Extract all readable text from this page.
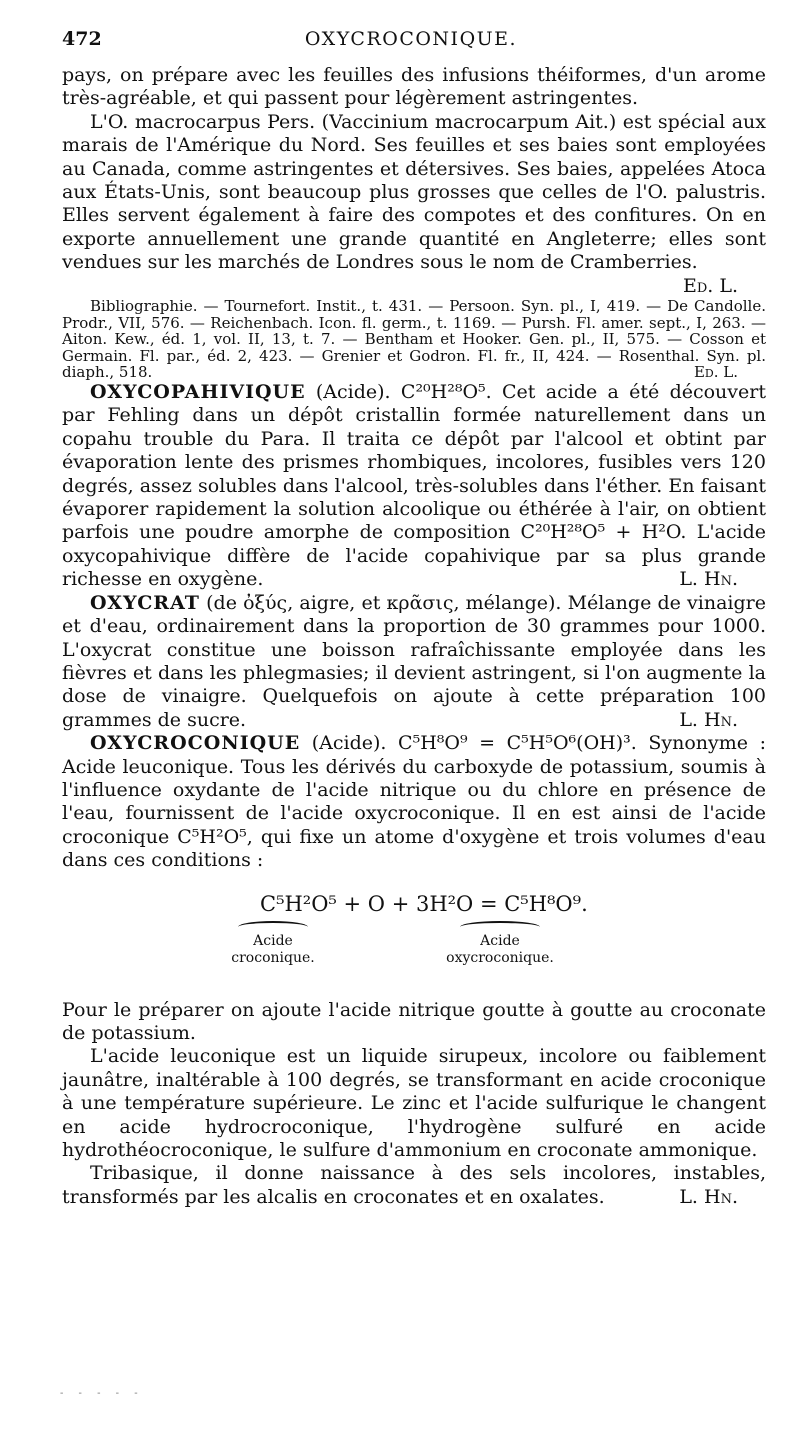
472	OXYCROCONIQUE.

pays, on prépare avec les feuilles des infusions théiformes, d'un arome très-agréable, et qui passent pour légèrement astringentes.

L'O. macrocarpus Pers. (Vaccinium macrocarpum Ait.) est spécial aux marais de l'Amérique du Nord. Ses feuilles et ses baies sont employées au Canada, comme astringentes et détersives. Ses baies, appelées Atoca aux États-Unis, sont beaucoup plus grosses que celles de l'O. palustris. Elles servent également à faire des compotes et des confitures. On en exporte annuellement une grande quantité en Angleterre; elles sont vendues sur les marchés de Londres sous le nom de Cramberries.
Ed. L.

Bibliographie. — Tournefort. Instit., t. 431. — Persoon. Syn. pl., I, 419. — De Candolle. Prodr., VII, 576. — Reichenbach. Icon. fl. germ., t. 1169. — Pursh. Fl. amer. sept., I, 263. — Aiton. Kew., éd. 1, vol. II, 13, t. 7. — Bentham et Hooker. Gen. pl., II, 575. — Cosson et Germain. Fl. par., éd. 2, 423. — Grenier et Godron. Fl. fr., II, 424. — Rosenthal. Syn. pl. diaph., 518.	Ed. L.

OXYCOPAHIVIQUE (Acide). C²⁰H²⁸O⁵. Cet acide a été découvert par Fehling dans un dépôt cristallin formée naturellement dans un copahu trouble du Para. Il traita ce dépôt par l'alcool et obtint par évaporation lente des prismes rhombiques, incolores, fusibles vers 120 degrés, assez solubles dans l'alcool, très-solubles dans l'éther. En faisant évaporer rapidement la solution alcoolique ou éthérée à l'air, on obtient parfois une poudre amorphe de composition C²⁰H²⁸O⁵ + H²O. L'acide oxycopahivique diffère de l'acide copahivique par sa plus grande richesse en oxygène.	L. Hn.

OXYCRAT (de ὀξύς, aigre, et κρᾶσις, mélange). Mélange de vinaigre et d'eau, ordinairement dans la proportion de 30 grammes pour 1000. L'oxycrat constitue une boisson rafraîchissante employée dans les fièvres et dans les phlegmasies; il devient astringent, si l'on augmente la dose de vinaigre. Quelquefois on ajoute à cette préparation 100 grammes de sucre.	L. Hn.

OXYCROCONIQUE (Acide). C⁵H⁸O⁹ = C⁵H⁵O⁶(OH)³. Synonyme : Acide leuconique. Tous les dérivés du carboxyde de potassium, soumis à l'influence oxydante de l'acide nitrique ou du chlore en présence de l'eau, fournissent de l'acide oxycroconique. Il en est ainsi de l'acide croconique C⁵H²O⁵, qui fixe un atome d'oxygène et trois volumes d'eau dans ces conditions :

C⁵H²O⁵ + O + 3H²O = C⁵H⁸O⁹.
Acide croconique.
Acide oxycroconique.

Pour le préparer on ajoute l'acide nitrique goutte à goutte au croconate de potassium.

L'acide leuconique est un liquide sirupeux, incolore ou faiblement jaunâtre, inaltérable à 100 degrés, se transformant en acide croconique à une température supérieure. Le zinc et l'acide sulfurique le changent en acide hydrocroconique, l'hydrogène sulfuré en acide hydrothéocroconique, le sulfure d'ammonium en croconate ammonique.

Tribasique, il donne naissance à des sels incolores, instables, transformés par les alcalis en croconates et en oxalates.	L. Hn.

- - - - -
